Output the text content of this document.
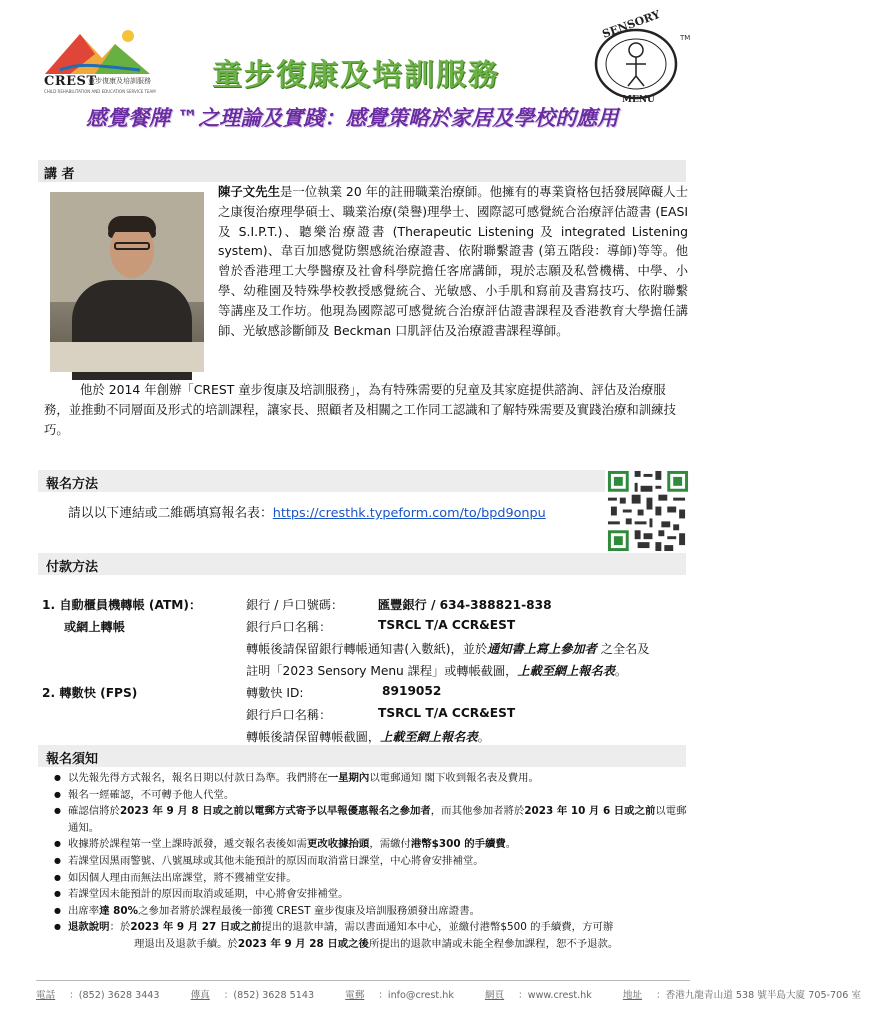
CREST
童步復康及培訓服務
CHILD REHABILITATION AND EDUCATION SERVICE TEAM 童步復康及培訓服務
感覺餐牌 ™之理論及實踐：感覺策略於家居及學校的應用
SENSORY
MENU
TM
講 者
陳子文先生是一位執業 20 年的註冊職業治療師。他擁有的專業資格包括發展障礙人士之康復治療理學碩士、職業治療(榮譽)理學士、國際認可感覺統合治療評估證書 (EASI 及 S.I.P.T.)、聽樂治療證書 (Therapeutic Listening 及 integrated Listening system)、韋百加感覺防禦感統治療證書、依附聯繫證書 (第五階段：導師)等等。他曾於香港理工大學醫療及社會科學院擔任客席講師，現於志願及私營機構、中學、小學、幼稚園及特殊學校教授感覺統合、光敏感、小手肌和寫前及書寫技巧、依附聯繫等講座及工作坊。他現為國際認可感覺統合治療評估證書課程及香港教育大學擔任講師、光敏感診斷師及 Beckman 口肌評估及治療證書課程導師。
他於 2014 年創辦「CREST 童步復康及培訓服務」，為有特殊需要的兒童及其家庭提供諮詢、評估及治療服務，並推動不同層面及形式的培訓課程，讓家長、照顧者及相關之工作同工認識和了解特殊需要及實踐治療和訓練技巧。
報名方法
請以以下連結或二維碼填寫報名表：https://cresthk.typeform.com/to/bpd9onpu
付款方法
1. 自動櫃員機轉帳 (ATM)：
或網上轉帳
銀行 / 戶口號碼：	匯豐銀行 / 634-388821-838
銀行戶口名稱：	TSRCL T/A CCR&EST
轉帳後請保留銀行轉帳通知書(入數紙)，並於通知書上寫上參加者 之全名及
註明「2023 Sensory Menu 課程」或轉帳截圖，上載至網上報名表。
2. 轉數快 (FPS)	轉數快 ID:	8919052
銀行戶口名稱：	TSRCL T/A CCR&EST
轉帳後請保留轉帳截圖，上載至網上報名表。
報名須知
● 以先報先得方式報名，報名日期以付款日為準。我們將在一星期內以電郵通知 閣下收到報名表及費用。
● 報名一經確認，不可轉予他人代堂。
● 確認信將於2023 年 9 月 8 日或之前以電郵方式寄予以早報優惠報名之參加者，而其他參加者將於2023 年 10 月 6 日或之前以電郵通知。
● 收據將於課程第一堂上課時派發，遞交報名表後如需更改收據抬頭，需繳付港幣$300 的手續費。
● 若課堂因黑雨警號、八號風球或其他未能預計的原因而取消當日課堂，中心將會安排補堂。
● 如因個人理由而無法出席課堂，將不獲補堂安排。
● 若課堂因未能預計的原因而取消或延期，中心將會安排補堂。
● 出席率達 80%之參加者將於課程最後一節獲 CREST 童步復康及培訓服務頒發出席證書。
● 退款說明：於2023 年 9 月 27 日或之前提出的退款申請，需以書面通知本中心，並繳付港幣$500 的手續費，方可辦
理退出及退款手續。於2023 年 9 月 28 日或之後所提出的退款申請或未能全程參加課程，恕不予退款。
電話 ：(852) 3628 3443	傳真 ：(852) 3628 5143	電郵 ：info@crest.hk	網頁 ：www.crest.hk	地址 ：香港九龍青山道 538 號半島大廈 705-706 室
